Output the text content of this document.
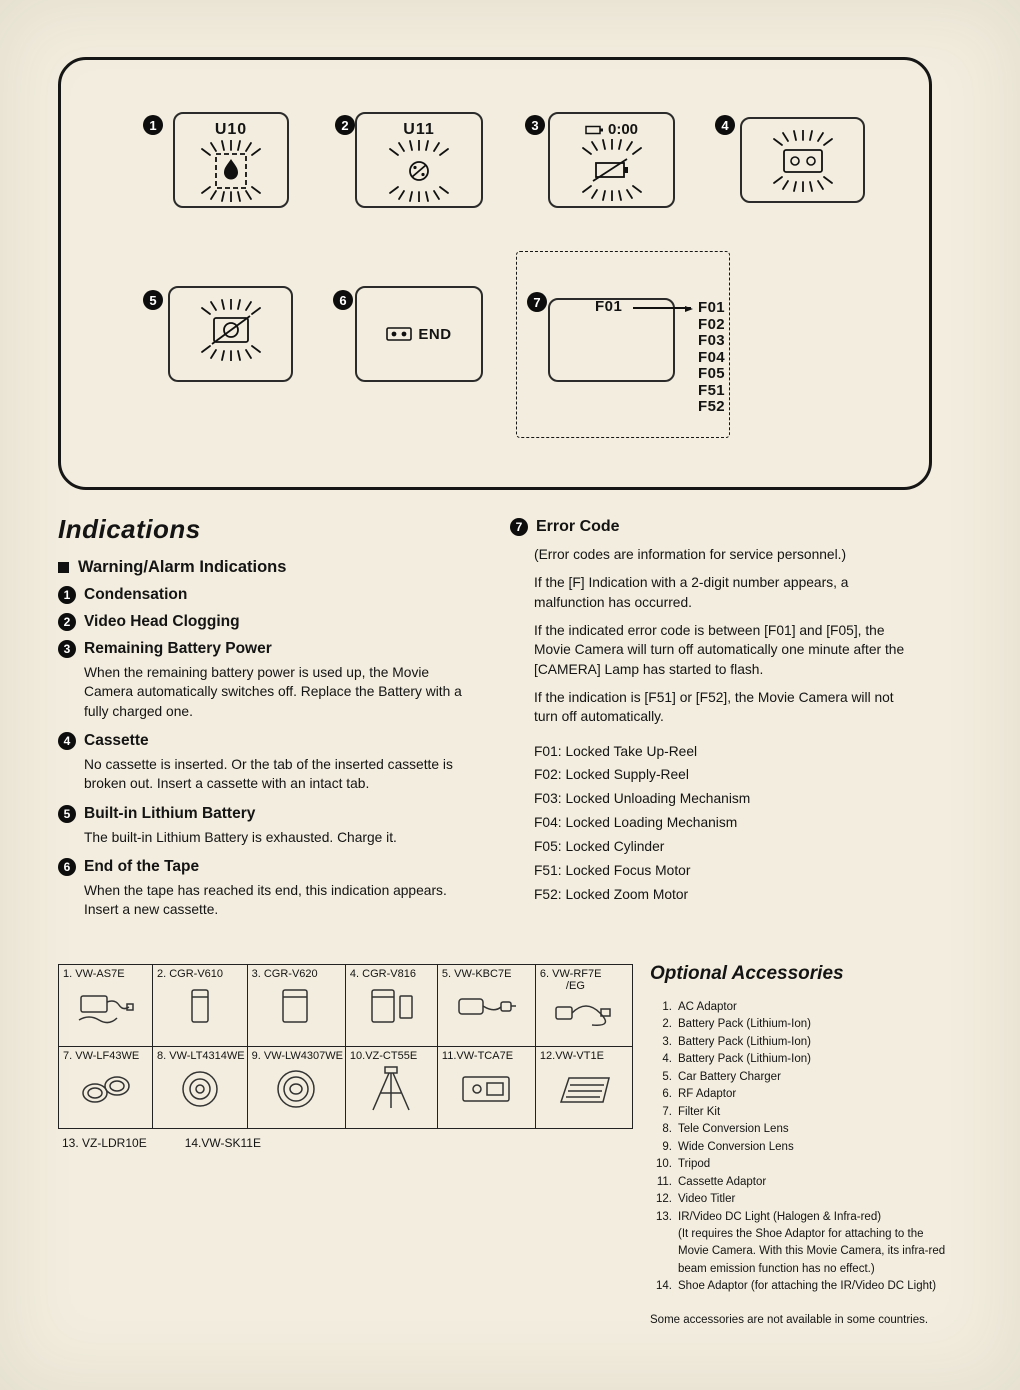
1	U10	2	U11	3	0:00	4
5	6
END
7	F01	F01
F02
F03
F04
F05
F51
F52
Indications
Warning/Alarm Indications
1 Condensation
2 Video Head Clogging
3 Remaining Battery Power
When the remaining battery power is used up, the Movie Camera automatically switches off. Replace the Battery with a fully charged one.
4 Cassette
No cassette is inserted. Or the tab of the inserted cassette is broken out. Insert a cassette with an intact tab.
5 Built-in Lithium Battery
The built-in Lithium Battery is exhausted. Charge it.
6 End of the Tape
When the tape has reached its end, this indication appears. Insert a new cassette.
7 Error Code
(Error codes are information for service personnel.)
If the [F] Indication with a 2-digit number appears, a malfunction has occurred.
If the indicated error code is between [F01] and [F05], the Movie Camera will turn off automatically one minute after the [CAMERA] Lamp has started to flash.
If the indication is [F51] or [F52], the Movie Camera will not turn off automatically.
F01: Locked Take Up-Reel
F02: Locked Supply-Reel
F03: Locked Unloading Mechanism
F04: Locked Loading Mechanism
F05: Locked Cylinder
F51: Locked Focus Motor
F52: Locked Zoom Motor
1. VW-AS7E	2. CGR-V610	3. CGR-V620	4. CGR-V816	5. VW-KBC7E	6. VW-RF7E
/EG

7. VW-LF43WE	8. VW-LT4314WE	9. VW-LW4307WE	10.VZ-CT55E	11.VW-TCA7E	12.VW-VT1E
13. VZ-LDR10E	14.VW-SK11E
Optional Accessories
1. AC Adaptor
2. Battery Pack (Lithium-Ion)
3. Battery Pack (Lithium-Ion)
4. Battery Pack (Lithium-Ion)
5. Car Battery Charger
6. RF Adaptor
7. Filter Kit
8. Tele Conversion Lens
9. Wide Conversion Lens
10. Tripod
11. Cassette Adaptor
12. Video Titler
13. IR/Video DC Light (Halogen & Infra-red)
(It requires the Shoe Adaptor for attaching to the Movie Camera. With this Movie Camera, its infra-red beam emission function has no effect.)
14. Shoe Adaptor (for attaching the IR/Video DC Light)
Some accessories are not available in some countries.
